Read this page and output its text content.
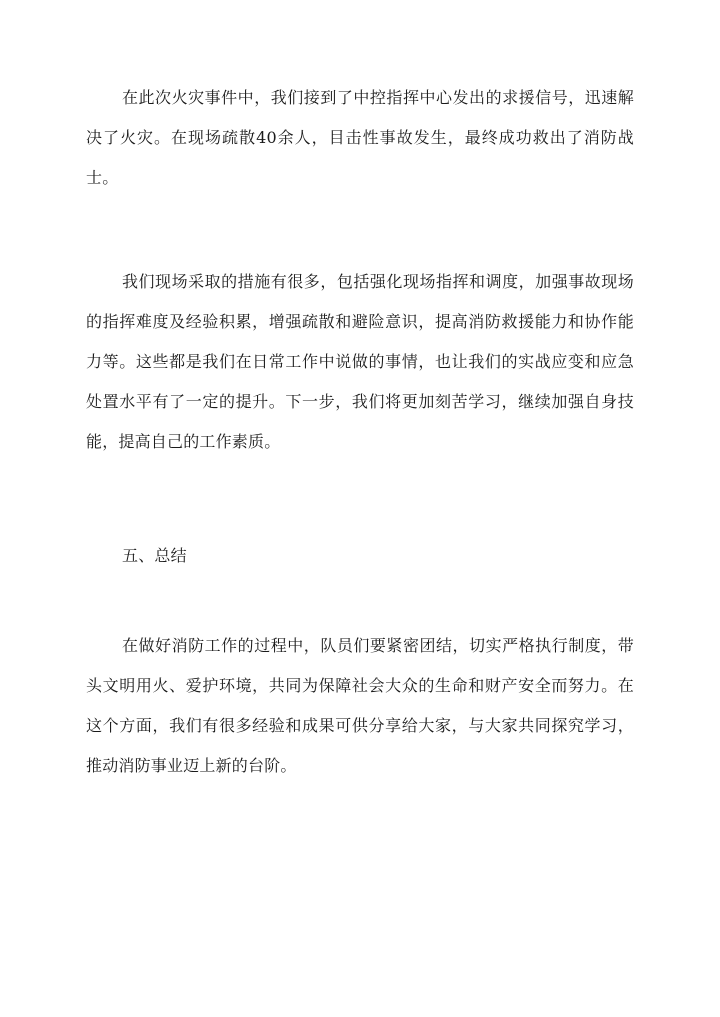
在此次火灾事件中，我们接到了中控指挥中心发出的求援信号，迅速解决了火灾。在现场疏散40余人，目击性事故发生，最终成功救出了消防战士。

我们现场采取的措施有很多，包括强化现场指挥和调度，加强事故现场的指挥难度及经验积累，增强疏散和避险意识，提高消防救援能力和协作能力等。这些都是我们在日常工作中说做的事情，也让我们的实战应变和应急处置水平有了一定的提升。下一步，我们将更加刻苦学习，继续加强自身技能，提高自己的工作素质。

五、总结

在做好消防工作的过程中，队员们要紧密团结，切实严格执行制度，带头文明用火、爱护环境，共同为保障社会大众的生命和财产安全而努力。在这个方面，我们有很多经验和成果可供分享给大家，与大家共同探究学习，推动消防事业迈上新的台阶。
